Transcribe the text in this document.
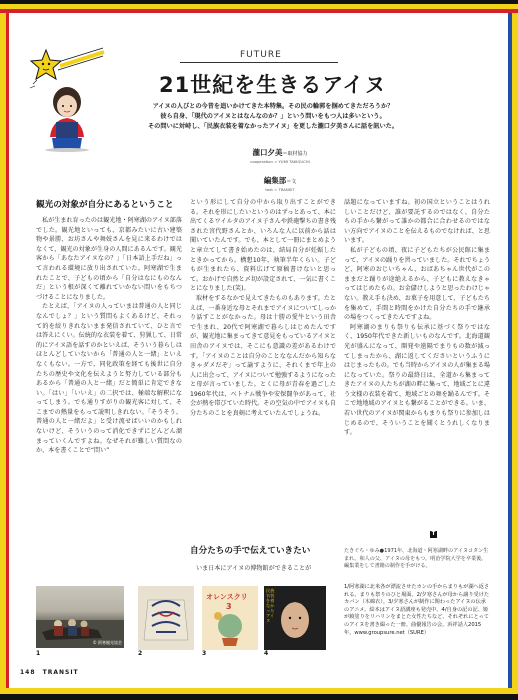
FUTURE
21世紀を生きるアイヌ
アイヌの人びとの今昔を追いかけてきた本特集。その民の輪郭を掴めてきただろうか？
彼ら自身、「現代のアイヌとはなんなのか？」という問いをもつ人は多いという。
その問いに対峙し、「民族衣装を着なかったアイヌ」を更した瀧口夕美さんに話を訊いた。
瀧口夕美＝取材協力
cooperation = YUMI TAKIGUCHI
編集部＝文
text = TRANSIT
観光の対象が自分にあるということ

私が生まれ育ったのは観光地・阿寒湖のアイヌ部落でした。観光地といっても、京都みたいに古い建築物や景勝、お坊さんや舞妓さんを見に来るわけではなくて、観光の対象が生身の人間にあるんです。観光客から「あなたアイヌなの？」「日本語上手だね」って言われる環境に放り出されていた。阿寒湖で生まれたことで、子どもの頃から「自分はなにものなんだ」という根が深くて離れていかない問いをもちつづけることになりました。

たとえば、「アイヌの人っていまは普通の人と同じなんでしょ？」という質問もよくあるけど、それって的を絞りきれないまま発信されていて、ひと言では答えにくい。伝統的な衣装を着て、狩猟して、日常的にアイヌ語を話すのかといえば、そういう暮らしはほとんどしていないから「普通の人と一緒」といえなくもない。一方で、同化政策を経ても後世に自分たちの歴史や文化を伝えようと努力している部分もあるから「普通の人と一緒」だと簡単に肯定できない。「はい」「いいえ」の二択では、極端な解釈になってしまう。でも通りすがりの観光客に対して、そこまでの熱量をもって説明しきれない。「そうそう、普通の人と一緒だよ」と受け流せばいいのかもしれないけど、そういうのって消化できずにどんどん溜まっていくんですよね。なぜそれが難しい質問なのか、本を書くことで“問い”

という形にして自分の中から取り出すことができる。それを形にしたいというのはずっとあって、本に出てくるワイルタのアイヌ子さんや鉄砲撃ちの書き残された宮代野さんとか、いろんな人に以前から話は聞いていたんです。でも、本として一冊にまとめようと章立てして書き始めたのは、結局自分が妊娠したときかってから。構想10年、執筆半年くらい。子どもが生まれたら、資料広げて原稿書けないと思って。おかげで自然と〆切が設定されて、一気に書くことになりました(笑)。

取材をするなかで見えてきたものもあります。たとえば、一番身近な母とそれまでアイヌについてしっかり話すことがなかった。母は十勝の愛牛という田舎で生まれ、20代で阿寒湖で暮らしはじめたんですが、観光地に集まってきて意見をもっているアイヌと田舎のアイヌでは、そこにも意識の差があるわけです。「アイヌのことは自分のことななんだから知らなきゃダメだぞ」って諭すように、それくまで年上の人に出会って、アイヌについて勉強するようになったと母が言っていました。とくに母が青春を過ごした1960年代は、ベトナム戦争や安保闘争があって、社会が熱を帯びていた時代。その空気の中でアイヌも自分たちのことを真剣に考えていたんでしょうね。

自分たちの手で伝えていきたい

いま日本にアイヌの博物館ができることが

話題になっていますね。初の国立ということはうれしいことだけど、誰が要託するのではなく、自分たちの手から繋がって誰かの都合に合わせるのではない方向でアイヌのことを伝えるものでなければ、と思います。

私が子どもの頃、夜に子どもたちが公民館に集まって、アイヌの踊りを習っていました。それでちょうど、阿寒のおじいちゃん、おばあちゃん世代がこのままだと踊りが途絶えるから、子どもに教えなきゃってはじめたもの。お金儲けしようと思ったわけじゃない。教え手も決め、お菓子を用意して、子どもたちを集めて、手間と時間をかけた自分たちの手で継承の場をつくってきたんですよね。

阿寒湖のまりも祭りも伝承に基づく祭りではなく、1950年代できた新しいものなんです。北海道観光が盛んになって、開発や遠隔でまりもの数が減ってしまったから、湖に返してくださいというふうにはじまったもの。でも当時からアイヌの人が集まる場になっていた。祭りの最終日は、全道から集まってきたアイヌの人たちが湖の畔に集って、地域ごとに違う文様の衣装を着て、地域ごとの舞を踊るんです。そこで地地域のアイヌとも繋がることができる。いま、若い世代のアイヌが関東からもまりも祭りに参加しはじめるので、そういうことを聞くとうれしくなります。

T
たきぐち・ゆみ●1971年、北海道・阿寒湖畔のアイヌコタン生まれ。和人の父、アイヌの母をもつ。明治学院大学を卒業後、編集業をして書籍の制作を手がける。
© 阿寒観光協会
1	2
オレンスクリ
3
3
民族衣装を着なかったアイヌ
4
1/阿寒湖に北米各が漂流させたカンの手からまりもが湖へ返される。まりも祭りのひと場面。2/夕寒さんが母から譲り受けたカバン（木綿衣）。3/夕寒さんが制作に関わったアイヌの伝承のアニメ。絵本はアイヌ語講座も発売中。4/自身の記の記、姫が鏡塗りをリハリンをまとた女性たちなど、それぞれにとってのアイヌを書き綴った一冊。曲優報告の会。浜祥話人2015年。www.groupsure.net（SURE）
148 TRANSIT
